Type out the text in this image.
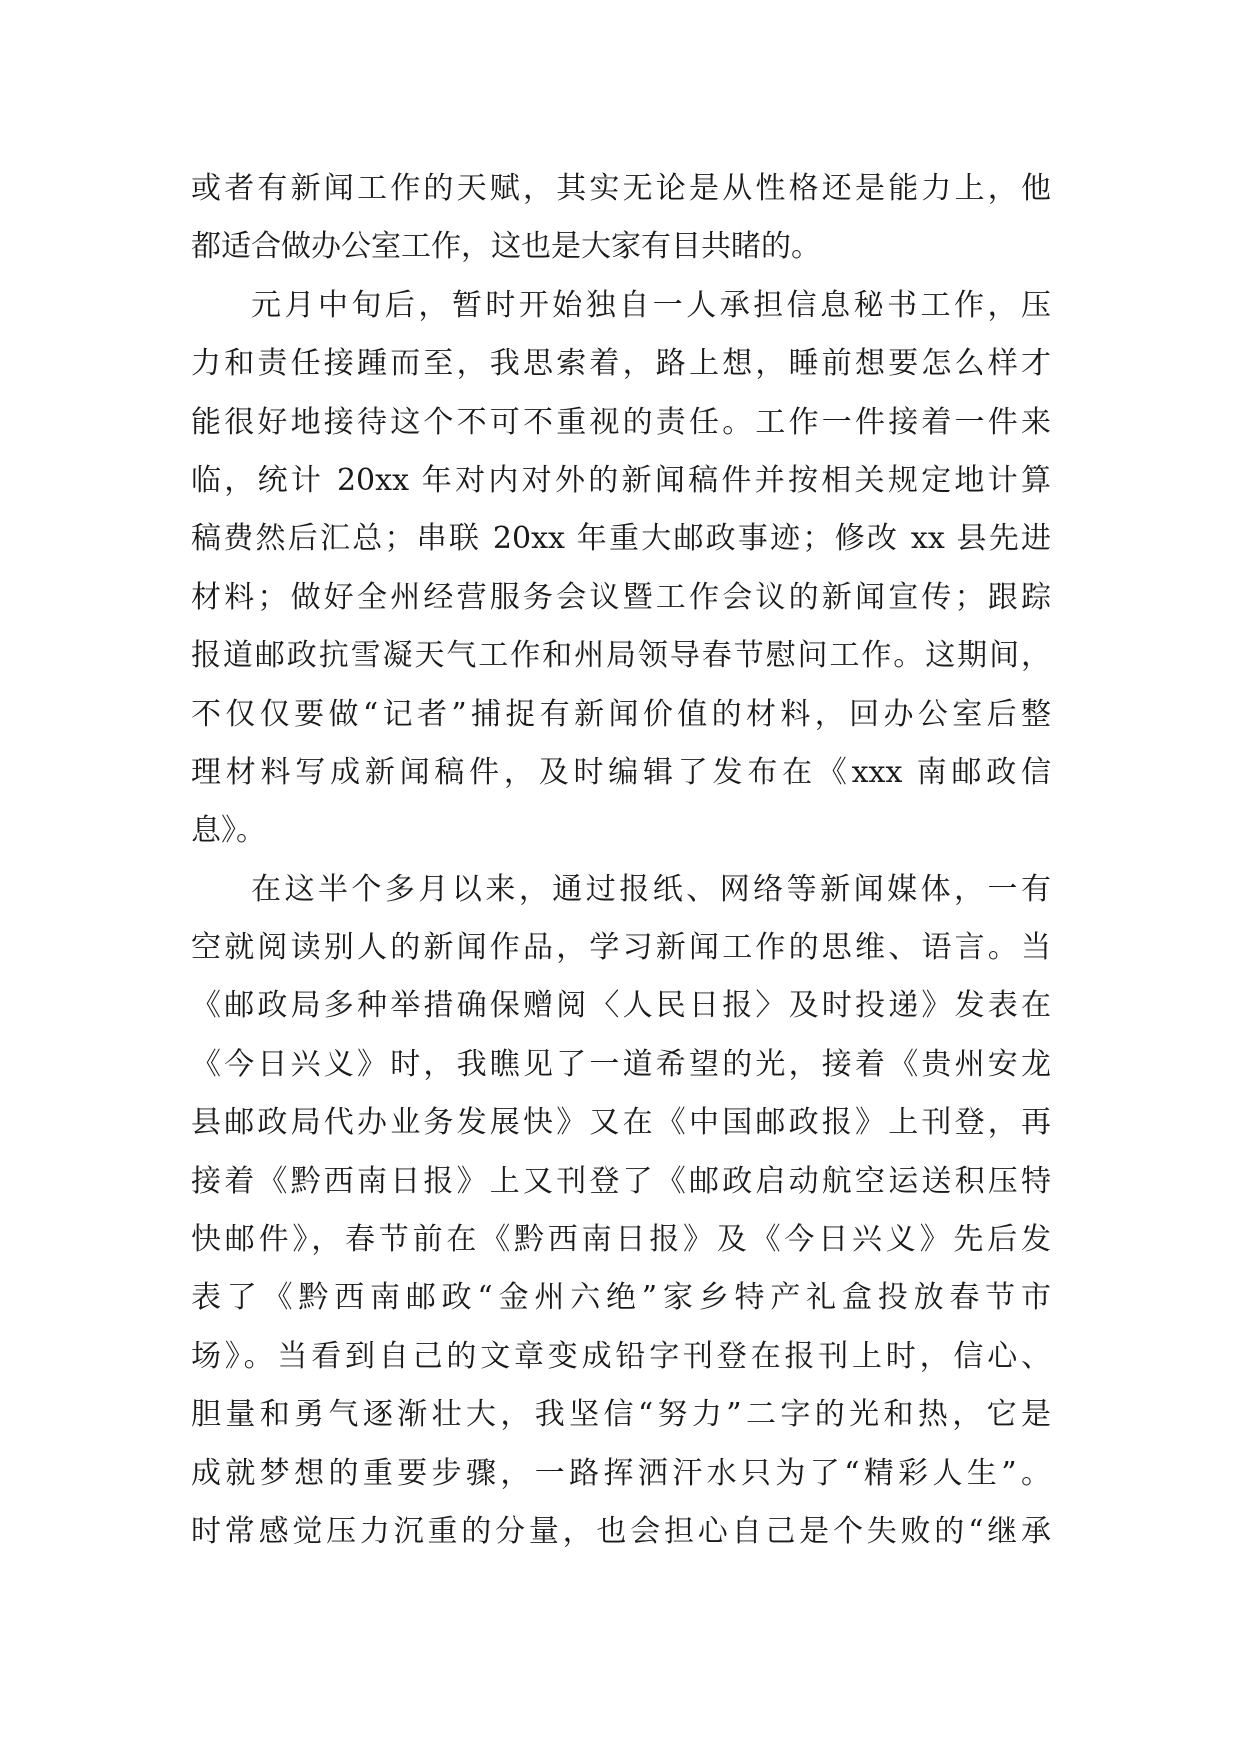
或者有新闻工作的天赋，其实无论是从性格还是能力上，他
都适合做办公室工作，这也是大家有目共睹的。
元月中旬后，暂时开始独自一人承担信息秘书工作，压
力和责任接踵而至，我思索着，路上想，睡前想要怎么样才
能很好地接待这个不可不重视的责任。工作一件接着一件来
临，统计 20xx 年对内对外的新闻稿件并按相关规定地计算
稿费然后汇总；串联 20xx 年重大邮政事迹；修改 xx 县先进
材料；做好全州经营服务会议暨工作会议的新闻宣传；跟踪
报道邮政抗雪凝天气工作和州局领导春节慰问工作。这期间，
不仅仅要做“记者”捕捉有新闻价值的材料，回办公室后整
理材料写成新闻稿件，及时编辑了发布在《xxx 南邮政信
息》。
在这半个多月以来，通过报纸、网络等新闻媒体，一有
空就阅读别人的新闻作品，学习新闻工作的思维、语言。当
《邮政局多种举措确保赠阅〈人民日报〉及时投递》发表在
《今日兴义》时，我瞧见了一道希望的光，接着《贵州安龙
县邮政局代办业务发展快》又在《中国邮政报》上刊登，再
接着《黔西南日报》上又刊登了《邮政启动航空运送积压特
快邮件》，春节前在《黔西南日报》及《今日兴义》先后发
表了《黔西南邮政“金州六绝”家乡特产礼盒投放春节市
场》。当看到自己的文章变成铅字刊登在报刊上时，信心、
胆量和勇气逐渐壮大，我坚信“努力”二字的光和热，它是
成就梦想的重要步骤，一路挥洒汗水只为了“精彩人生”。
时常感觉压力沉重的分量，也会担心自己是个失败的“继承
